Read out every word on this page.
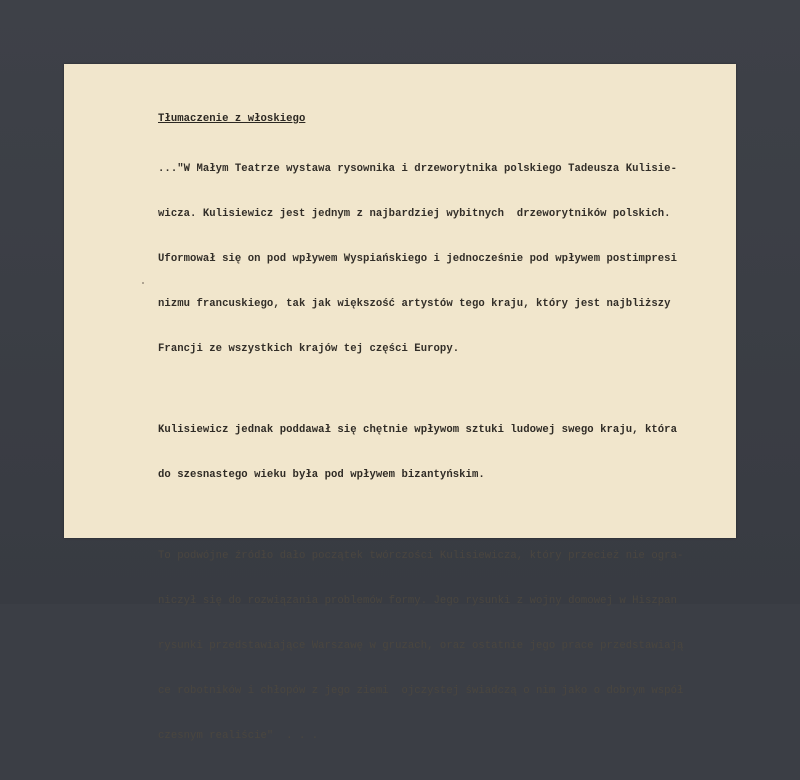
Tłumaczenie z włoskiego

..."W Małym Teatrze wystawa rysownika i drzeworytnika polskiego Tadeusza Kulisie-

wicza. Kulisiewicz jest jednym z najbardziej wybitnych  drzeworytników polskich.

Uformował się on pod wpływem Wyspiańskiego i jednocześnie pod wpływem postimpresi

nizmu francuskiego, tak jak większość artystów tego kraju, który jest najbliższy

Francji ze wszystkich krajów tej części Europy.

Kulisiewicz jednak poddawał się chętnie wpływom sztuki ludowej swego kraju, która

do szesnastego wieku była pod wpływem bizantyńskim.

To podwójne źródło dało początek twórczości Kulisiewicza, który przecież nie ogra-

niczył się do rozwiązania problemów formy. Jego rysunki z wojny domowej w Hiszpan

rysunki przedstawiające Warszawę w gruzach, oraz ostatnie jego prace przedstawiają

ce robotników i chłopów z jego ziemi  ojczystej świadczą o nim jako o dobrym współ

czesnym realiście"  . . .
